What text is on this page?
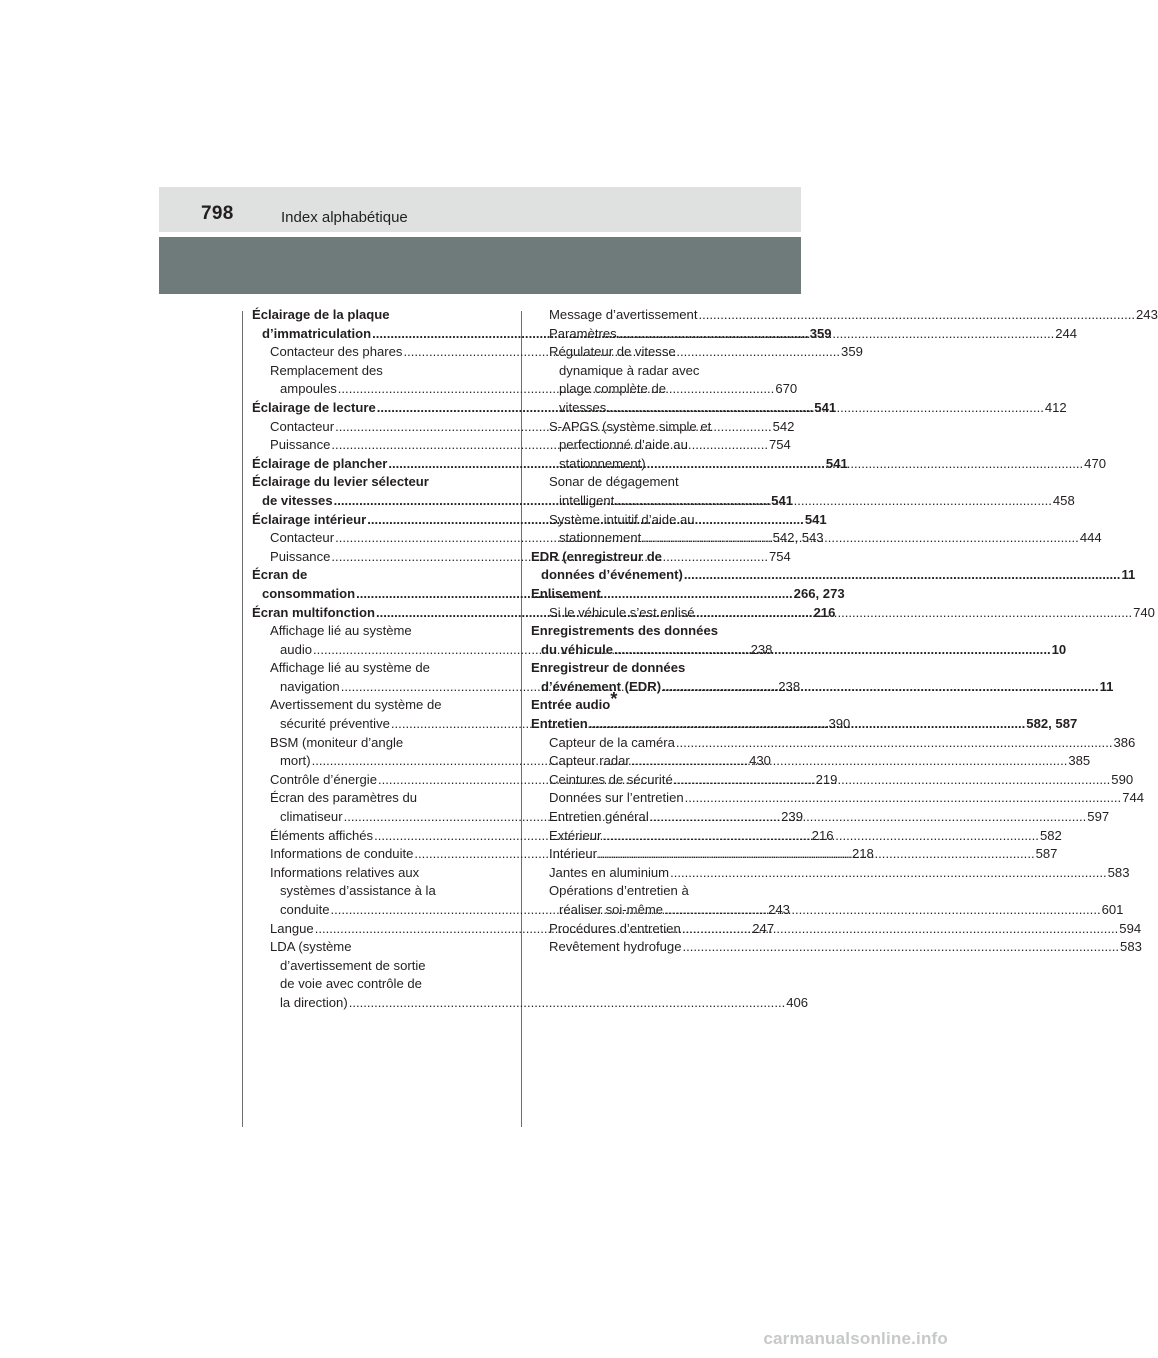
798	Index alphabétique
Éclairage de la plaque
d’immatriculation .....	359
Contacteur des phares .....	359
Remplacement des
ampoules .....	670
Éclairage de lecture .....	541
Contacteur .....	542
Puissance .....	754
Éclairage de plancher .....	541
Éclairage du levier sélecteur
de vitesses .....	541
Éclairage intérieur .....	541
Contacteur .....	542, 543
Puissance .....	754
Écran de
consommation .....	266, 273
Écran multifonction .....	216
Affichage lié au système
audio .....	238
Affichage lié au système de
navigation .....	238
Avertissement du système de
sécurité préventive .....	390
BSM (moniteur d’angle
mort) .....	430
Contrôle d’énergie .....	219
Écran des paramètres du
climatiseur .....	239
Éléments affichés .....	216
Informations de conduite .....	218
Informations relatives aux
systèmes d’assistance à la
conduite .....	243
Langue .....	247
LDA (système
d’avertissement de sortie
de voie avec contrôle de
la direction) .....	406
Message d’avertissement .....	243
Paramètres .....	244
Régulateur de vitesse
dynamique à radar avec
plage complète de
vitesses .....	412
S-APGS (système simple et
perfectionné d’aide au
stationnement) .....	470
Sonar de dégagement
intelligent .....	458
Système intuitif d’aide au
stationnement .....	444
EDR (enregistreur de
données d’événement) .....	11
Enlisement
Si le véhicule s’est enlisé .....	740
Enregistrements des données
du véhicule .....	10
Enregistreur de données
d’événement (EDR) .....	11
Entrée audio*
Entretien .....	582, 587
Capteur de la caméra .....	386
Capteur radar .....	385
Ceintures de sécurité .....	590
Données sur l’entretien .....	744
Entretien général .....	597
Extérieur .....	582
Intérieur .....	587
Jantes en aluminium .....	583
Opérations d’entretien à
réaliser soi-même .....	601
Procédures d’entretien .....	594
Revêtement hydrofuge .....	583
carmanualsonline.info
